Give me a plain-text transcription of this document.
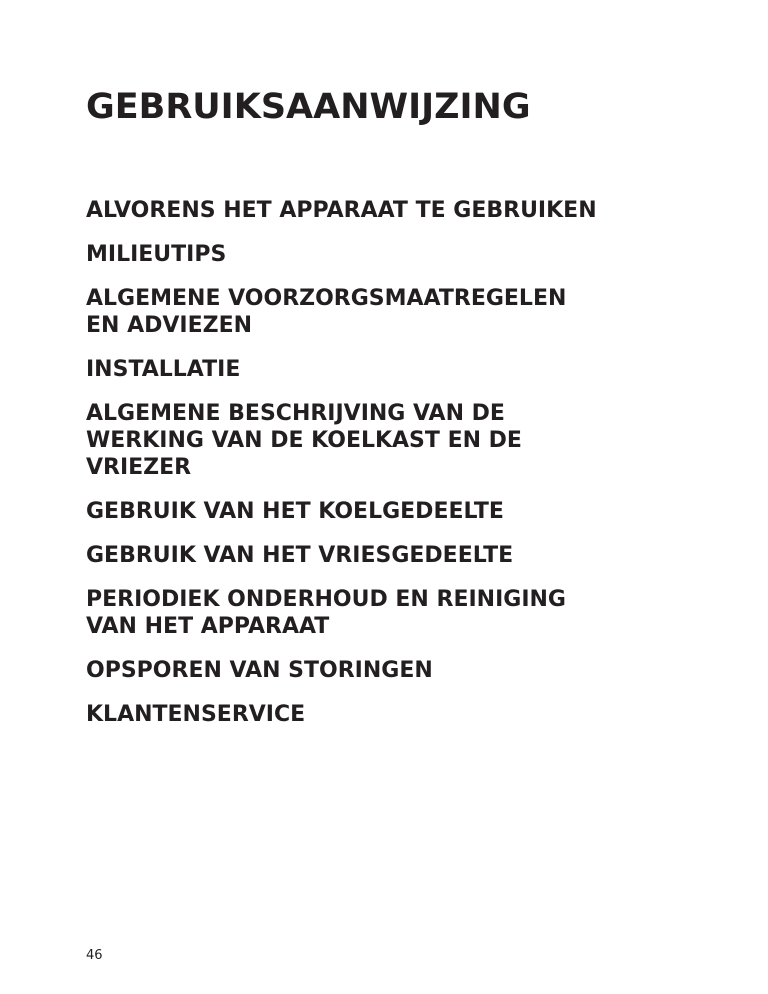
GEBRUIKSAANWIJZING
ALVORENS HET APPARAAT TE GEBRUIKEN
MILIEUTIPS
ALGEMENE VOORZORGSMAATREGELEN
EN ADVIEZEN
INSTALLATIE
ALGEMENE BESCHRIJVING VAN DE
WERKING VAN DE KOELKAST EN DE
VRIEZER
GEBRUIK VAN HET KOELGEDEELTE
GEBRUIK VAN HET VRIESGEDEELTE
PERIODIEK ONDERHOUD EN REINIGING
VAN HET APPARAAT
OPSPOREN VAN STORINGEN
KLANTENSERVICE
46
